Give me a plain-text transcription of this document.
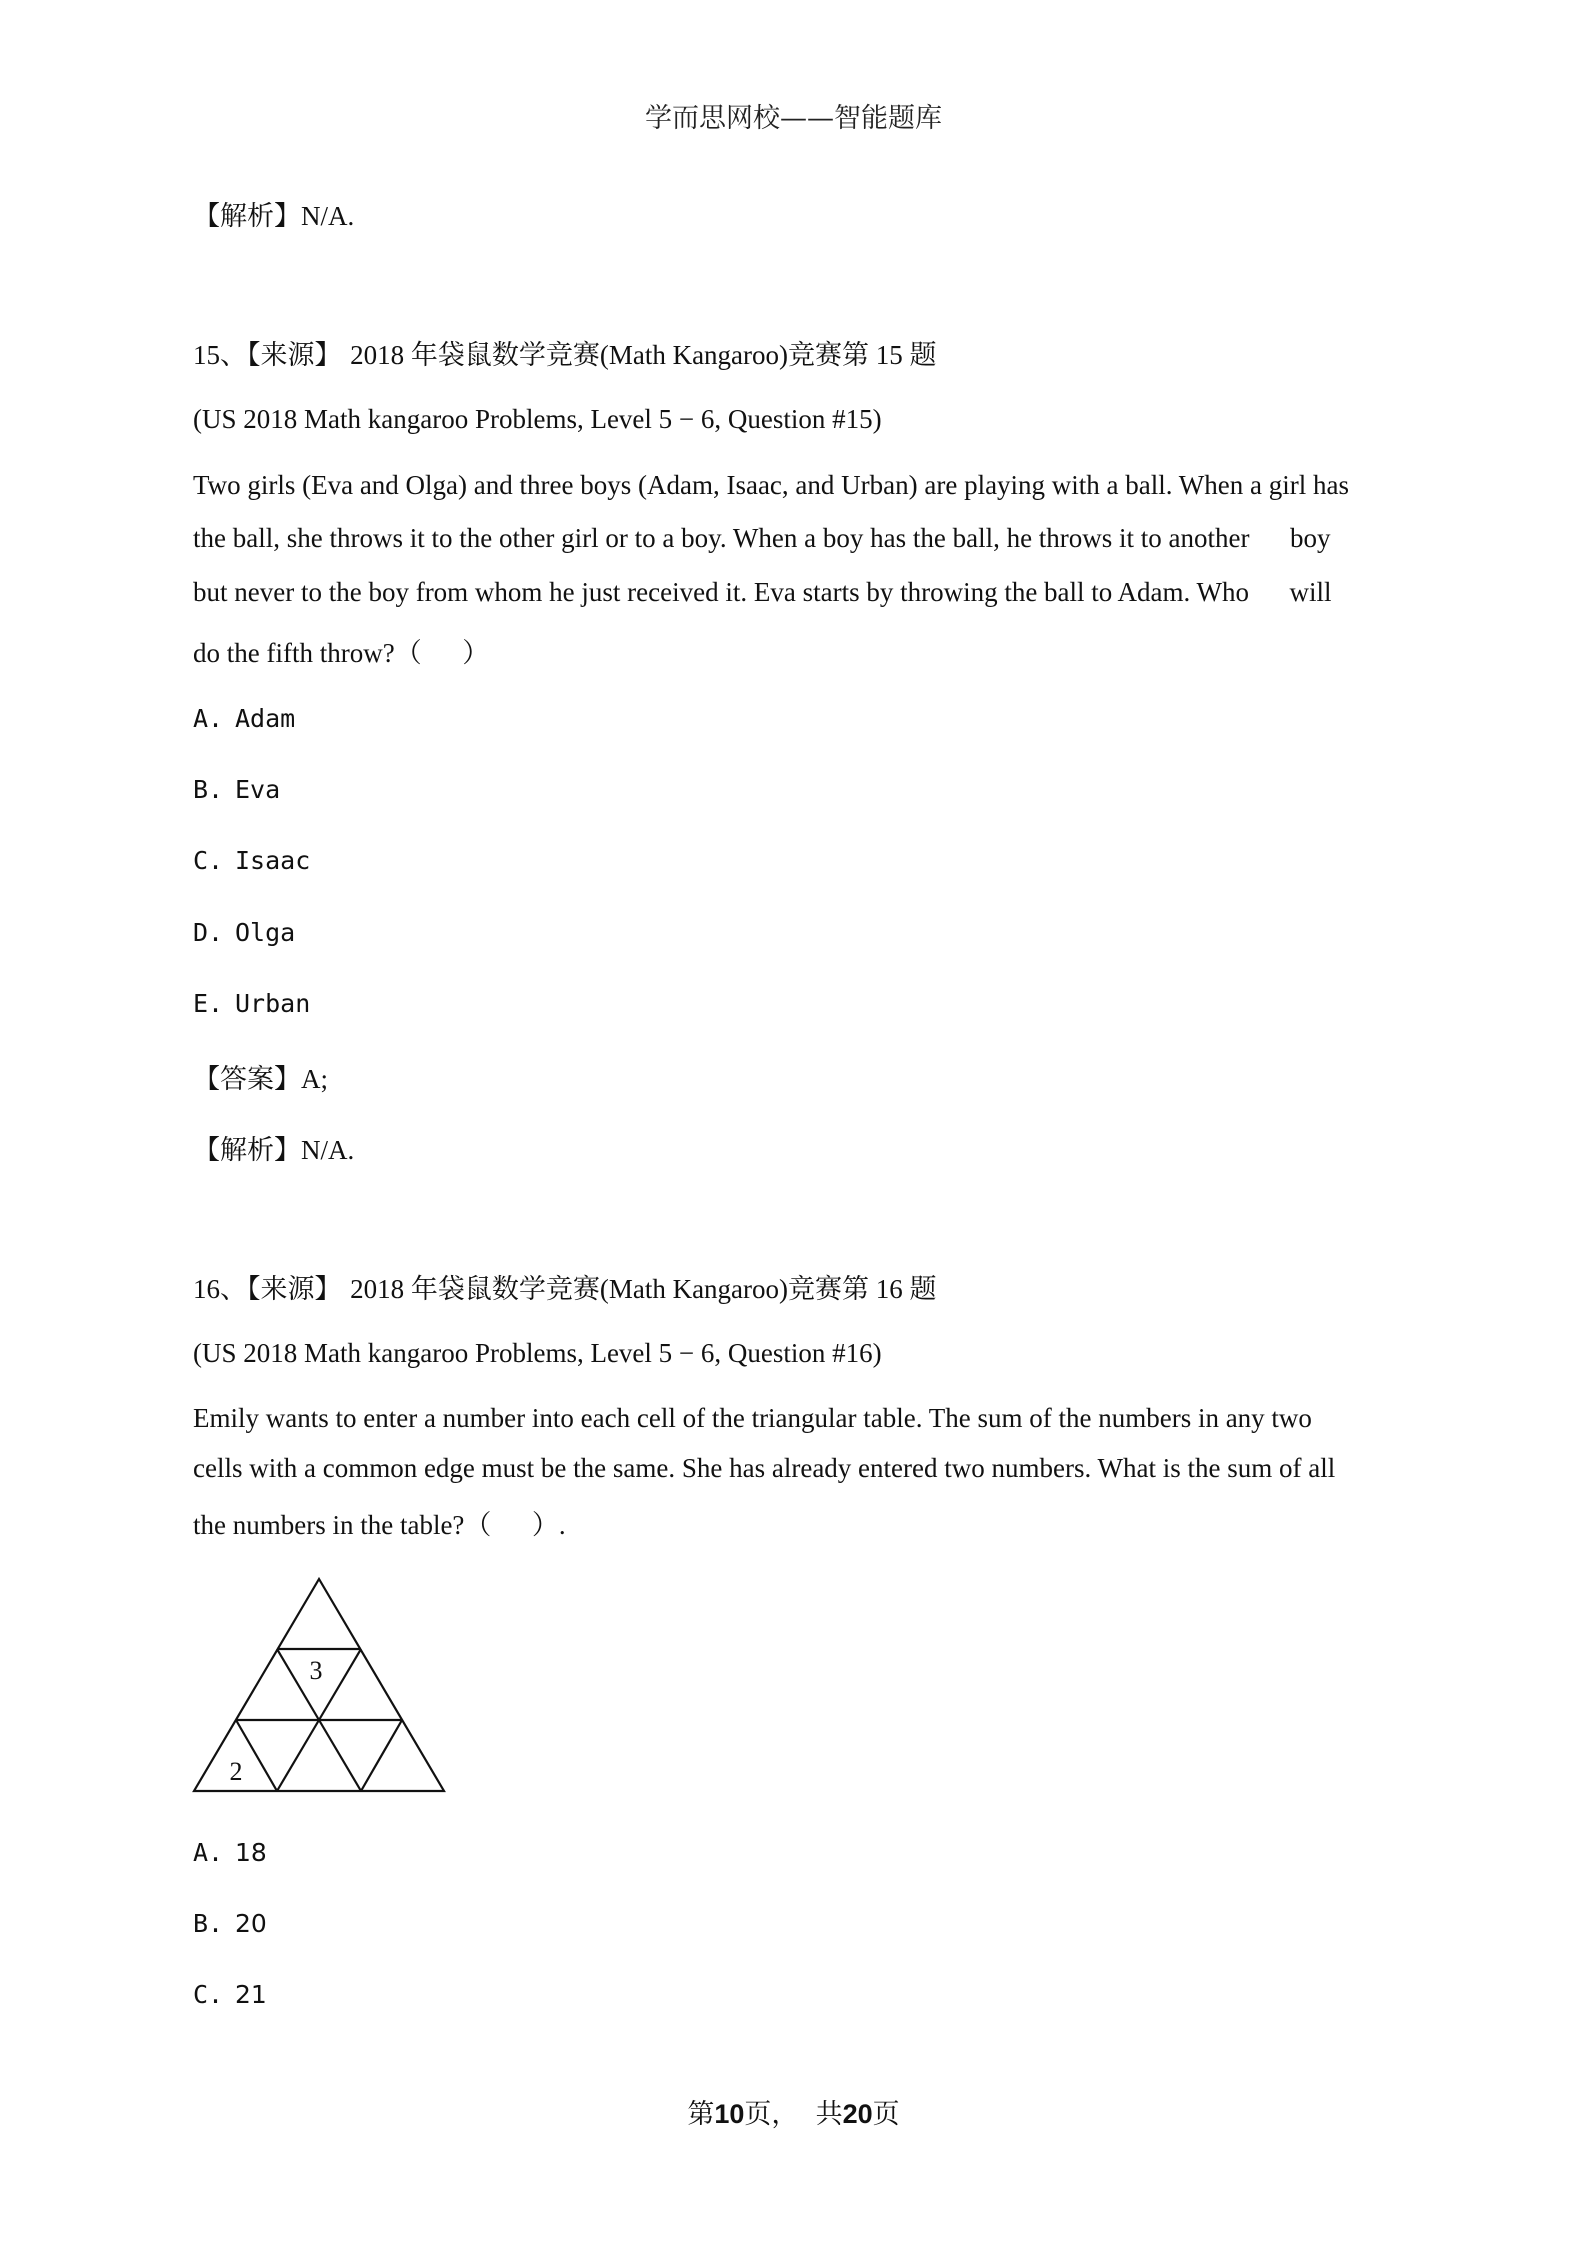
学而思网校——智能题库
【解析】N/A.
15、【来源】 2018 年袋鼠数学竞赛(Math Kangaroo)竞赛第 15 题
(US 2018 Math kangaroo Problems, Level 5 − 6, Question #15)
Two girls (Eva and Olga) and three boys (Adam, Isaac, and Urban) are playing with a ball. When a girl has
the ball, she throws it to the other girl or to a boy. When a boy has the ball, he throws it to another      boy
but never to the boy from whom he just received it. Eva starts by throwing the ball to Adam. Who      will
do the fifth throw?（      ）
A. Adam
B. Eva
C. Isaac
D. Olga
E. Urban
【答案】A;
【解析】N/A.
16、【来源】 2018 年袋鼠数学竞赛(Math Kangaroo)竞赛第 16 题
(US 2018 Math kangaroo Problems, Level 5 − 6, Question #16)
Emily wants to enter a number into each cell of the triangular table. The sum of the numbers in any two
cells with a common edge must be the same. She has already entered two numbers. What is the sum of all
the numbers in the table?（      ）.
3
2
A. 18
B. 20
C. 21
第10页，  共20页
